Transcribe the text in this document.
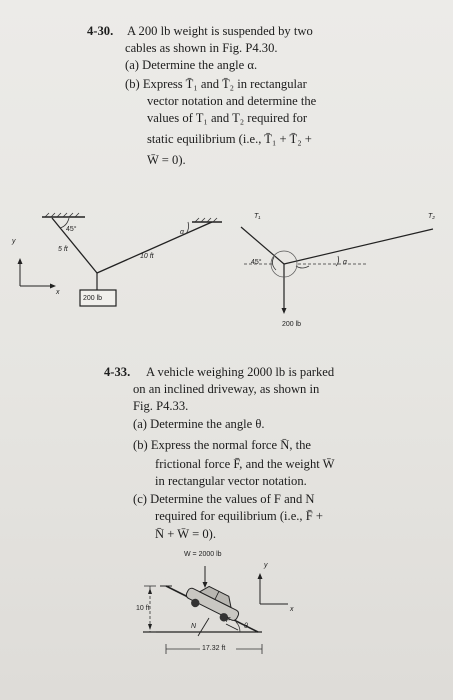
4-30. A 200 lb weight is suspended by two
cables as shown in Fig. P4.30.
(a) Determine the angle α.
(b) Express T̄₁ and T̄₂ in rectangular
vector notation and determine the
values of T₁ and T₂ required for
static equilibrium (i.e., T̄₁ + T̄₂ +
W̄ = 0).
45°
5 ft
10 ft
α
200 lb
y
x
T₁	T₂
45°	α
200 lb
4-33. A vehicle weighing 2000 lb is parked
on an inclined driveway, as shown in
Fig. P4.33.
(a) Determine the angle θ.
(b) Express the normal force N̄, the
frictional force F̄, and the weight W̄
in rectangular vector notation.
(c) Determine the values of F and N
required for equilibrium (i.e., F̄ +
N̄ + W̄ = 0).
W = 2000 lb
10 ft
17.32 ft
N
F
θ
y
x
